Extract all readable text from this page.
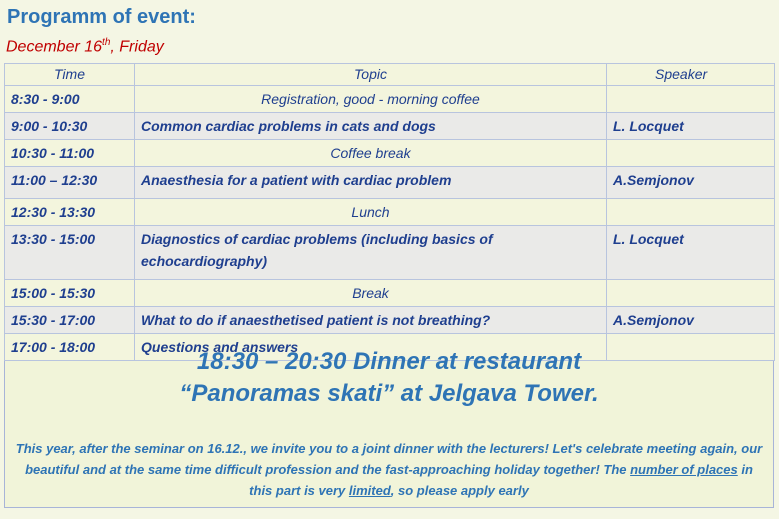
Programm of event:
December 16th, Friday
Time	Topic	Speaker
8:30 - 9:00	Registration, good - morning coffee	
9:00 - 10:30	Common cardiac problems in cats and dogs	L. Locquet
10:30 - 11:00	Coffee break	
11:00 – 12:30	Anaesthesia for a patient with cardiac problem	A.Semjonov
12:30 - 13:30	Lunch	
13:30 - 15:00	Diagnostics of cardiac problems (including basics of echocardiography)	L. Locquet
15:00 - 15:30	Break	
15:30 - 17:00	What to do if anaesthetised patient is not breathing?	A.Semjonov
17:00 - 18:00	Questions and answers	
18:30 – 20:30 Dinner at restaurant
“Panoramas skati” at Jelgava Tower.
This year, after the seminar on 16.12., we invite you to a joint dinner with the lecturers! Let's celebrate meeting again, our beautiful and at the same time difficult profession and the fast-approaching holiday together! The number of places in this part is very limited, so please apply early
